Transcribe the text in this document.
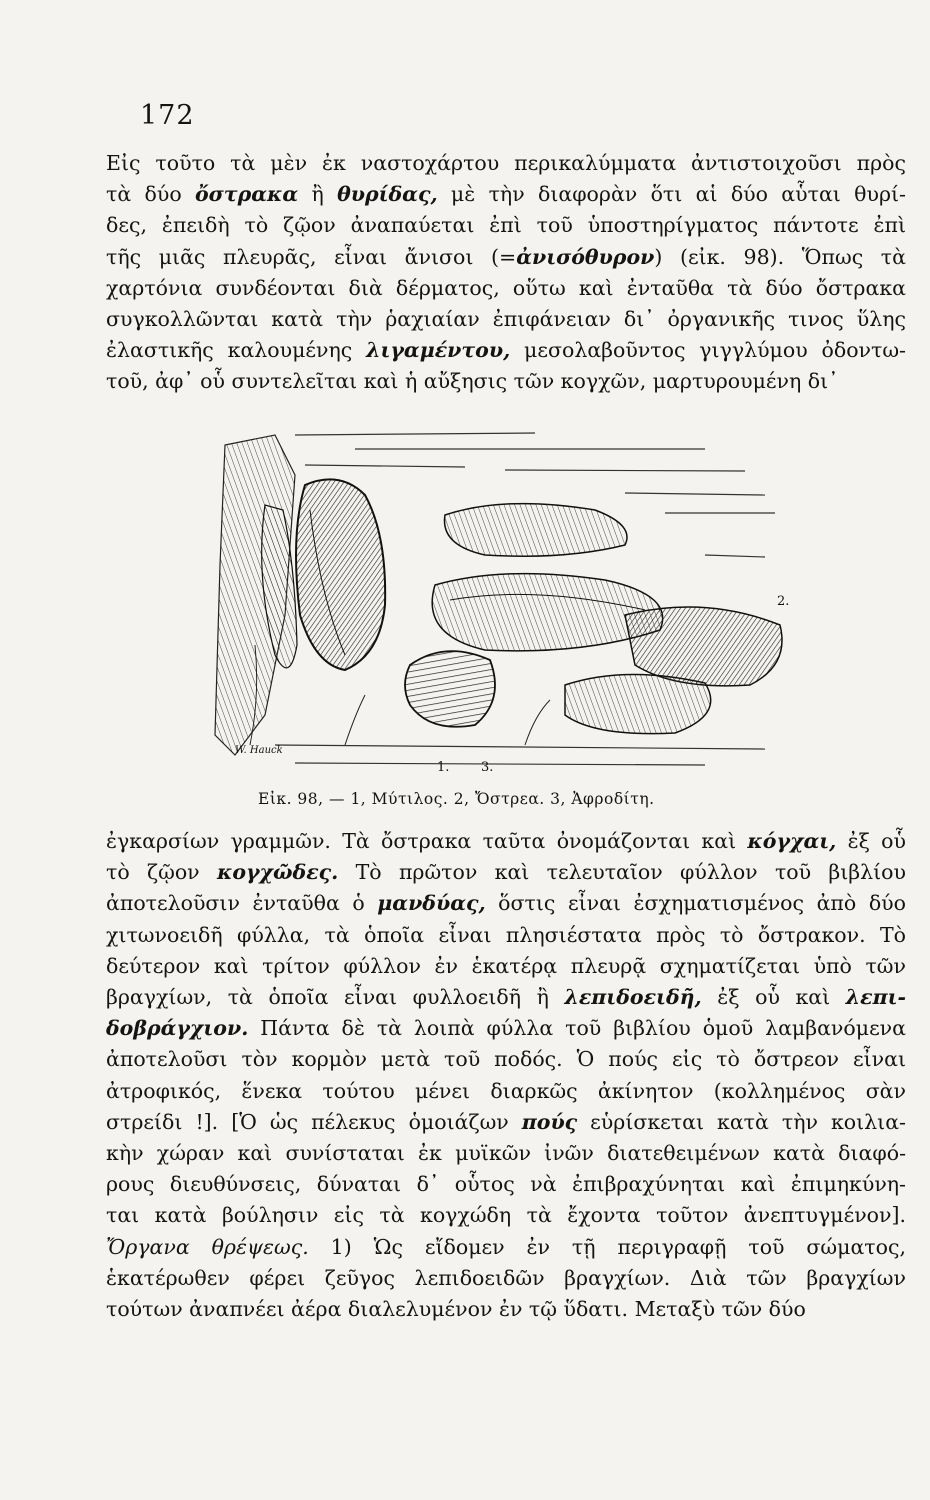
172
Εἰς τοῦτο τὰ μὲν ἐκ ναστοχάρτου περικαλύμματα ἀντιστοιχοῦσι πρὸς
τὰ δύο ὄστρακα ἢ θυρίδας, μὲ τὴν διαφορὰν ὅτι αἱ δύο αὗται θυρί-
δες, ἐπειδὴ τὸ ζῷον ἀναπαύεται ἐπὶ τοῦ ὑποστηρίγματος πάντοτε ἐπὶ
τῆς μιᾶς πλευρᾶς, εἶναι ἄνισοι (=ἀνισόθυρον) (εἰκ. 98). Ὅπως τὰ
χαρτόνια συνδέονται διὰ δέρματος, οὕτω καὶ ἐνταῦθα τὰ δύο ὄστρακα
συγκολλῶνται κατὰ τὴν ῥαχιαίαν ἐπιφάνειαν δι᾽ ὀργανικῆς τινος ὕλης
ἐλαστικῆς καλουμένης λιγαμέντου, μεσολαβοῦντος γιγγλύμου ὀδοντω-
τοῦ, ἀφ᾽ οὗ συντελεῖται καὶ ἡ αὔξησις τῶν κογχῶν, μαρτυρουμένη δι᾽
2.
1. 3.
W. Hauck
Εἰκ. 98, — 1, Μύτιλος. 2, Ὄστρεα. 3, Ἀφροδίτη.
ἐγκαρσίων γραμμῶν. Τὰ ὄστρακα ταῦτα ὀνομάζονται καὶ κόγχαι, ἐξ οὗ
τὸ ζῷον κογχῶδες. Τὸ πρῶτον καὶ τελευταῖον φύλλον τοῦ βιβλίου
ἀποτελοῦσιν ἐνταῦθα ὁ μανδύας, ὅστις εἶναι ἐσχηματισμένος ἀπὸ δύο
χιτωνοειδῆ φύλλα, τὰ ὁποῖα εἶναι πλησιέστατα πρὸς τὸ ὄστρακον. Τὸ
δεύτερον καὶ τρίτον φύλλον ἐν ἑκατέρᾳ πλευρᾷ σχηματίζεται ὑπὸ τῶν
βραγχίων, τὰ ὁποῖα εἶναι φυλλοειδῆ ἢ λεπιδοειδῆ, ἐξ οὗ καὶ λεπι-
δοβράγχιον. Πάντα δὲ τὰ λοιπὰ φύλλα τοῦ βιβλίου ὁμοῦ λαμβανόμενα
ἀποτελοῦσι τὸν κορμὸν μετὰ τοῦ ποδός. Ὁ πούς εἰς τὸ ὄστρεον εἶναι
ἀτροφικός, ἕνεκα τούτου μένει διαρκῶς ἀκίνητον (κολλημένος σὰν
στρείδι !]. [Ὁ ὡς πέλεκυς ὁμοιάζων πούς εὑρίσκεται κατὰ τὴν κοιλια-
κὴν χώραν καὶ συνίσταται ἐκ μυϊκῶν ἰνῶν διατεθειμένων κατὰ διαφό-
ρους διευθύνσεις, δύναται δ᾽ οὗτος νὰ ἐπιβραχύνηται καὶ ἐπιμηκύνη-
ται κατὰ βούλησιν εἰς τὰ κογχώδη τὰ ἔχοντα τοῦτον ἀνεπτυγμένον].
Ὄργανα θρέψεως. 1) Ὡς εἴδομεν ἐν τῇ περιγραφῇ τοῦ σώματος,
ἑκατέρωθεν φέρει ζεῦγος λεπιδοειδῶν βραγχίων. Διὰ τῶν βραγχίων
τούτων ἀναπνέει ἀέρα διαλελυμένον ἐν τῷ ὕδατι. Μεταξὺ τῶν δύο
